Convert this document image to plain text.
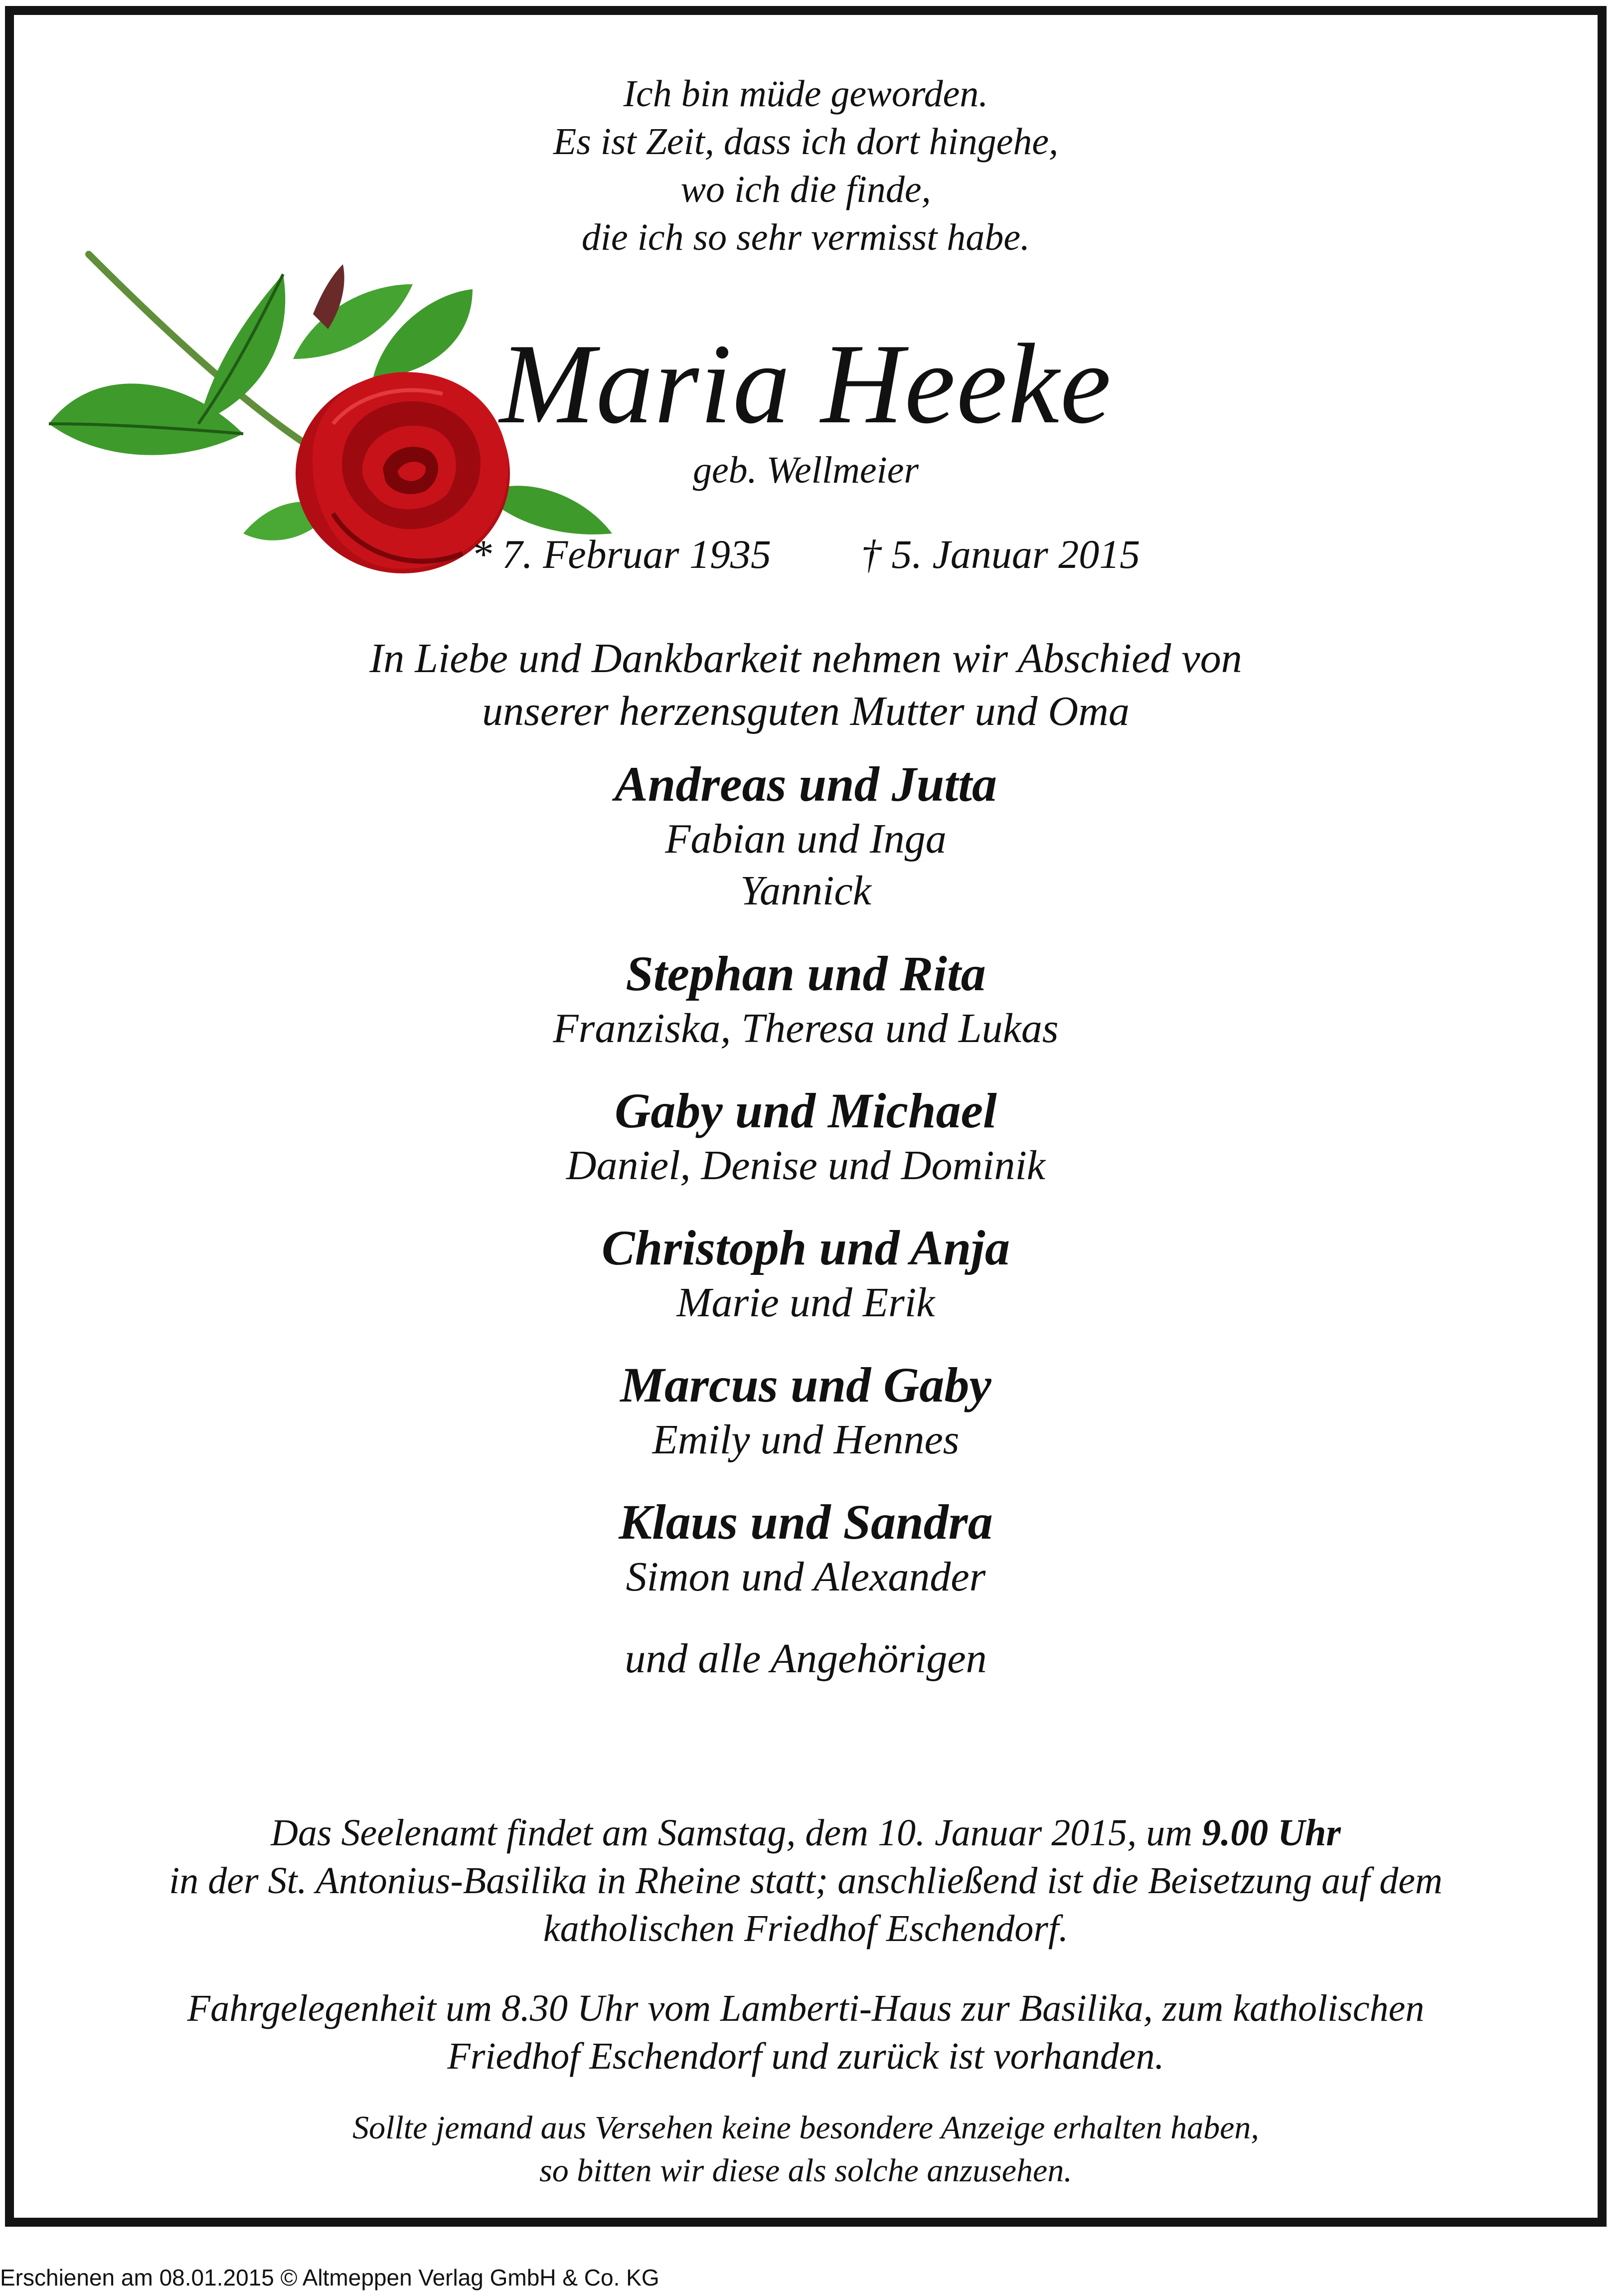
Ich bin müde geworden.
Es ist Zeit, dass ich dort hingehe,
wo ich die finde,
die ich so sehr vermisst habe.
Maria Heeke
geb. Wellmeier
* 7. Februar 1935 † 5. Januar 2015
In Liebe und Dankbarkeit nehmen wir Abschied von
unserer herzensguten Mutter und Oma
Andreas und Jutta
Fabian und Inga
Yannick
Stephan und Rita
Franziska, Theresa und Lukas
Gaby und Michael
Daniel, Denise und Dominik
Christoph und Anja
Marie und Erik
Marcus und Gaby
Emily und Hennes
Klaus und Sandra
Simon und Alexander
und alle Angehörigen
Das Seelenamt findet am Samstag, dem 10. Januar 2015, um 9.00 Uhr
in der St. Antonius-Basilika in Rheine statt; anschließend ist die Beisetzung auf dem
katholischen Friedhof Eschendorf.
Fahrgelegenheit um 8.30 Uhr vom Lamberti-Haus zur Basilika, zum katholischen
Friedhof Eschendorf und zurück ist vorhanden.
Sollte jemand aus Versehen keine besondere Anzeige erhalten haben,
so bitten wir diese als solche anzusehen.
Erschienen am 08.01.2015 © Altmeppen Verlag GmbH & Co. KG
